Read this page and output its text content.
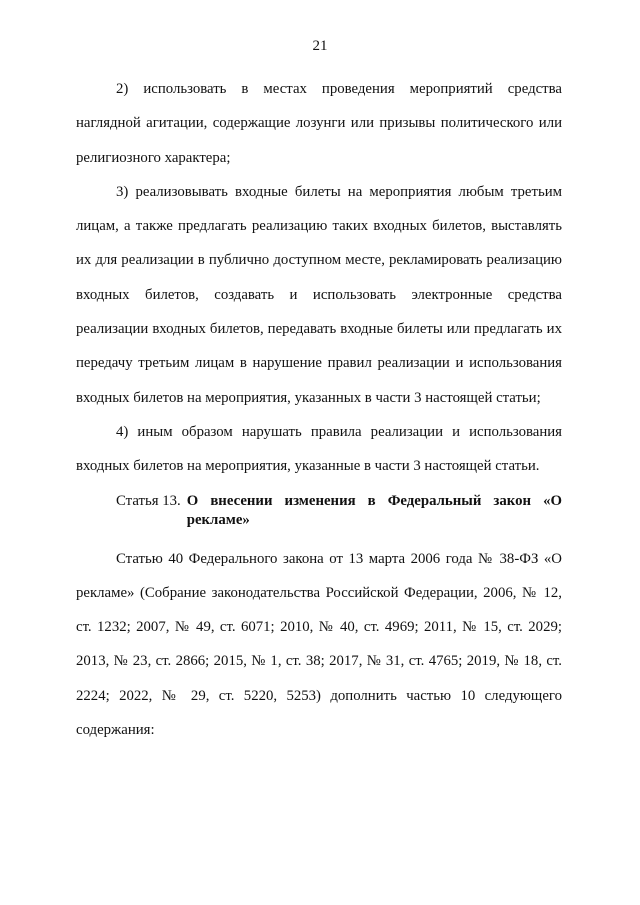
21

2) использовать в местах проведения мероприятий средства наглядной агитации, содержащие лозунги или призывы политического или религиозного характера;

3) реализовывать входные билеты на мероприятия любым третьим лицам, а также предлагать реализацию таких входных билетов, выставлять их для реализации в публично доступном месте, рекламировать реализацию входных билетов, создавать и использовать электронные средства реализации входных билетов, передавать входные билеты или предлагать их передачу третьим лицам в нарушение правил реализации и использования входных билетов на мероприятия, указанных в части 3 настоящей статьи;

4) иным образом нарушать правила реализации и использования входных билетов на мероприятия, указанные в части 3 настоящей статьи.

Статья 13. О внесении изменения в Федеральный закон «О рекламе»

Статью 40 Федерального закона от 13 марта 2006 года № 38-ФЗ «О рекламе» (Собрание законодательства Российской Федерации, 2006, № 12, ст. 1232; 2007, № 49, ст. 6071; 2010, № 40, ст. 4969; 2011, № 15, ст. 2029; 2013, № 23, ст. 2866; 2015, № 1, ст. 38; 2017, № 31, ст. 4765; 2019, № 18, ст. 2224; 2022, № 29, ст. 5220, 5253) дополнить частью 10 следующего содержания:
